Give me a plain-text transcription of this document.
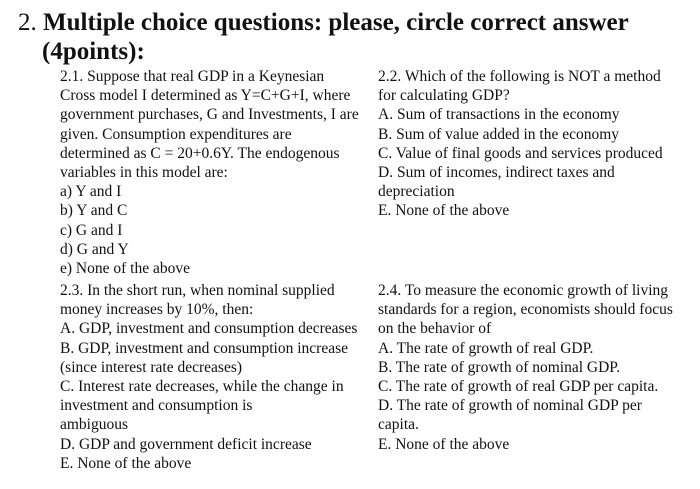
2. Multiple choice questions: please, circle correct answer
(4points):
2.1. Suppose that real GDP in a Keynesian
Cross model I determined as Y=C+G+I, where
government purchases, G and Investments, I are
given. Consumption expenditures are
determined as C = 20+0.6Y. The endogenous
variables in this model are:
a) Y and I
b) Y and C
c) G and I
d) G and Y
e) None of the above
2.2. Which of the following is NOT a method
for calculating GDP?
A. Sum of transactions in the economy
B. Sum of value added in the economy
C. Value of final goods and services produced
D. Sum of incomes, indirect taxes and
depreciation
E. None of the above
2.3. In the short run, when nominal supplied
money increases by 10%, then:
A. GDP, investment and consumption decreases
B. GDP, investment and consumption increase
(since interest rate decreases)
C. Interest rate decreases, while the change in
investment and consumption is
ambiguous
D. GDP and government deficit increase
E. None of the above
2.4. To measure the economic growth of living
standards for a region, economists should focus
on the behavior of
A. The rate of growth of real GDP.
B. The rate of growth of nominal GDP.
C. The rate of growth of real GDP per capita.
D. The rate of growth of nominal GDP per
capita.
E. None of the above
